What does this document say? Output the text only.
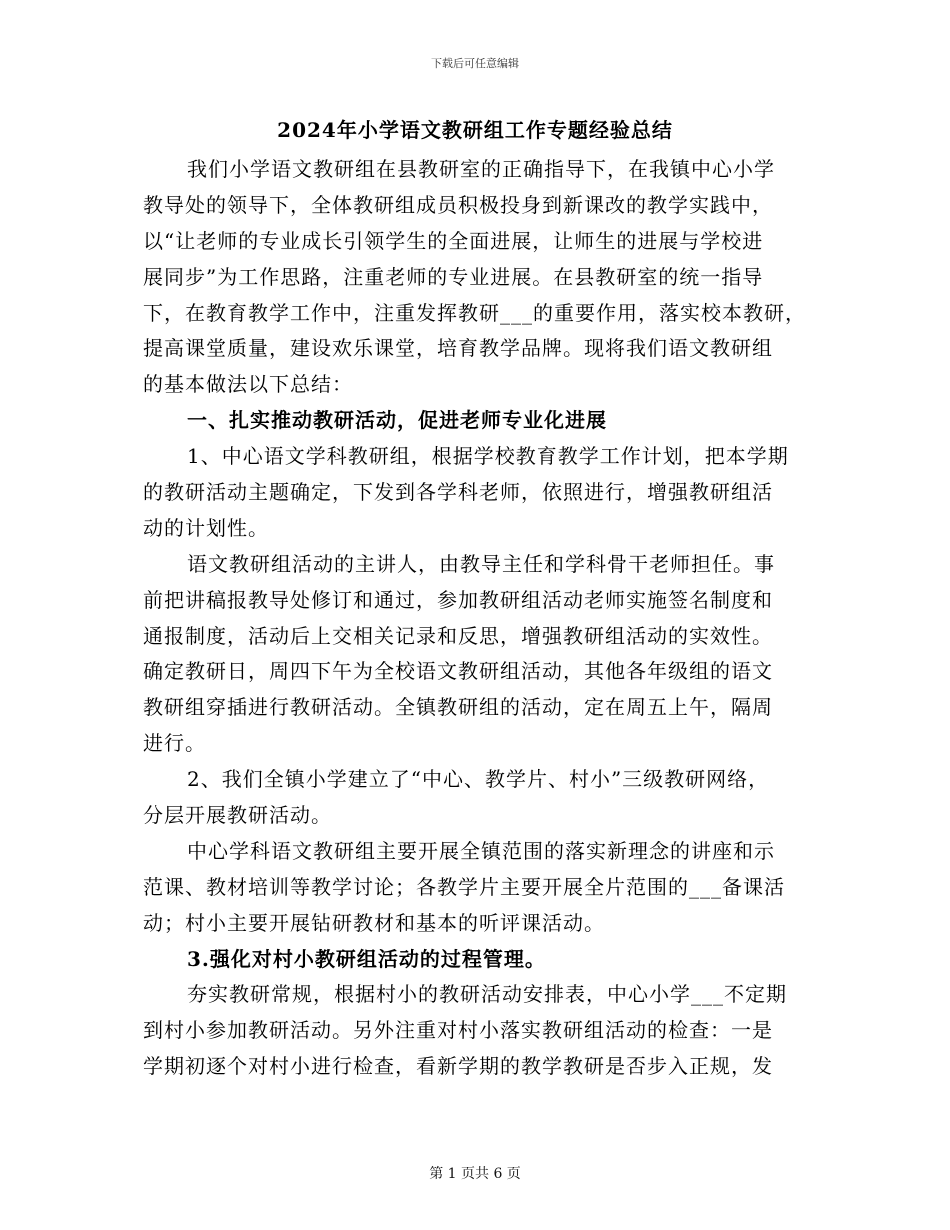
下载后可任意编辑
2024年小学语文教研组工作专题经验总结
我们小学语文教研组在县教研室的正确指导下，在我镇中心小学
教导处的领导下，全体教研组成员积极投身到新课改的教学实践中，
以“让老师的专业成长引领学生的全面进展，让师生的进展与学校进
展同步”为工作思路，注重老师的专业进展。在县教研室的统一指导
下，在教育教学工作中，注重发挥教研___的重要作用，落实校本教研，
提高课堂质量，建设欢乐课堂，培育教学品牌。现将我们语文教研组
的基本做法以下总结：
一、扎实推动教研活动，促进老师专业化进展
1、中心语文学科教研组，根据学校教育教学工作计划，把本学期
的教研活动主题确定，下发到各学科老师，依照进行，增强教研组活
动的计划性。
语文教研组活动的主讲人，由教导主任和学科骨干老师担任。事
前把讲稿报教导处修订和通过，参加教研组活动老师实施签名制度和
通报制度，活动后上交相关记录和反思，增强教研组活动的实效性。
确定教研日，周四下午为全校语文教研组活动，其他各年级组的语文
教研组穿插进行教研活动。全镇教研组的活动，定在周五上午，隔周
进行。
2、我们全镇小学建立了“中心、教学片、村小”三级教研网络，
分层开展教研活动。
中心学科语文教研组主要开展全镇范围的落实新理念的讲座和示
范课、教材培训等教学讨论；各教学片主要开展全片范围的___备课活
动；村小主要开展钻研教材和基本的听评课活动。
3.强化对村小教研组活动的过程管理。
夯实教研常规，根据村小的教研活动安排表，中心小学___不定期
到村小参加教研活动。另外注重对村小落实教研组活动的检查：一是
学期初逐个对村小进行检查，看新学期的教学教研是否步入正规，发
第 1 页共 6 页
